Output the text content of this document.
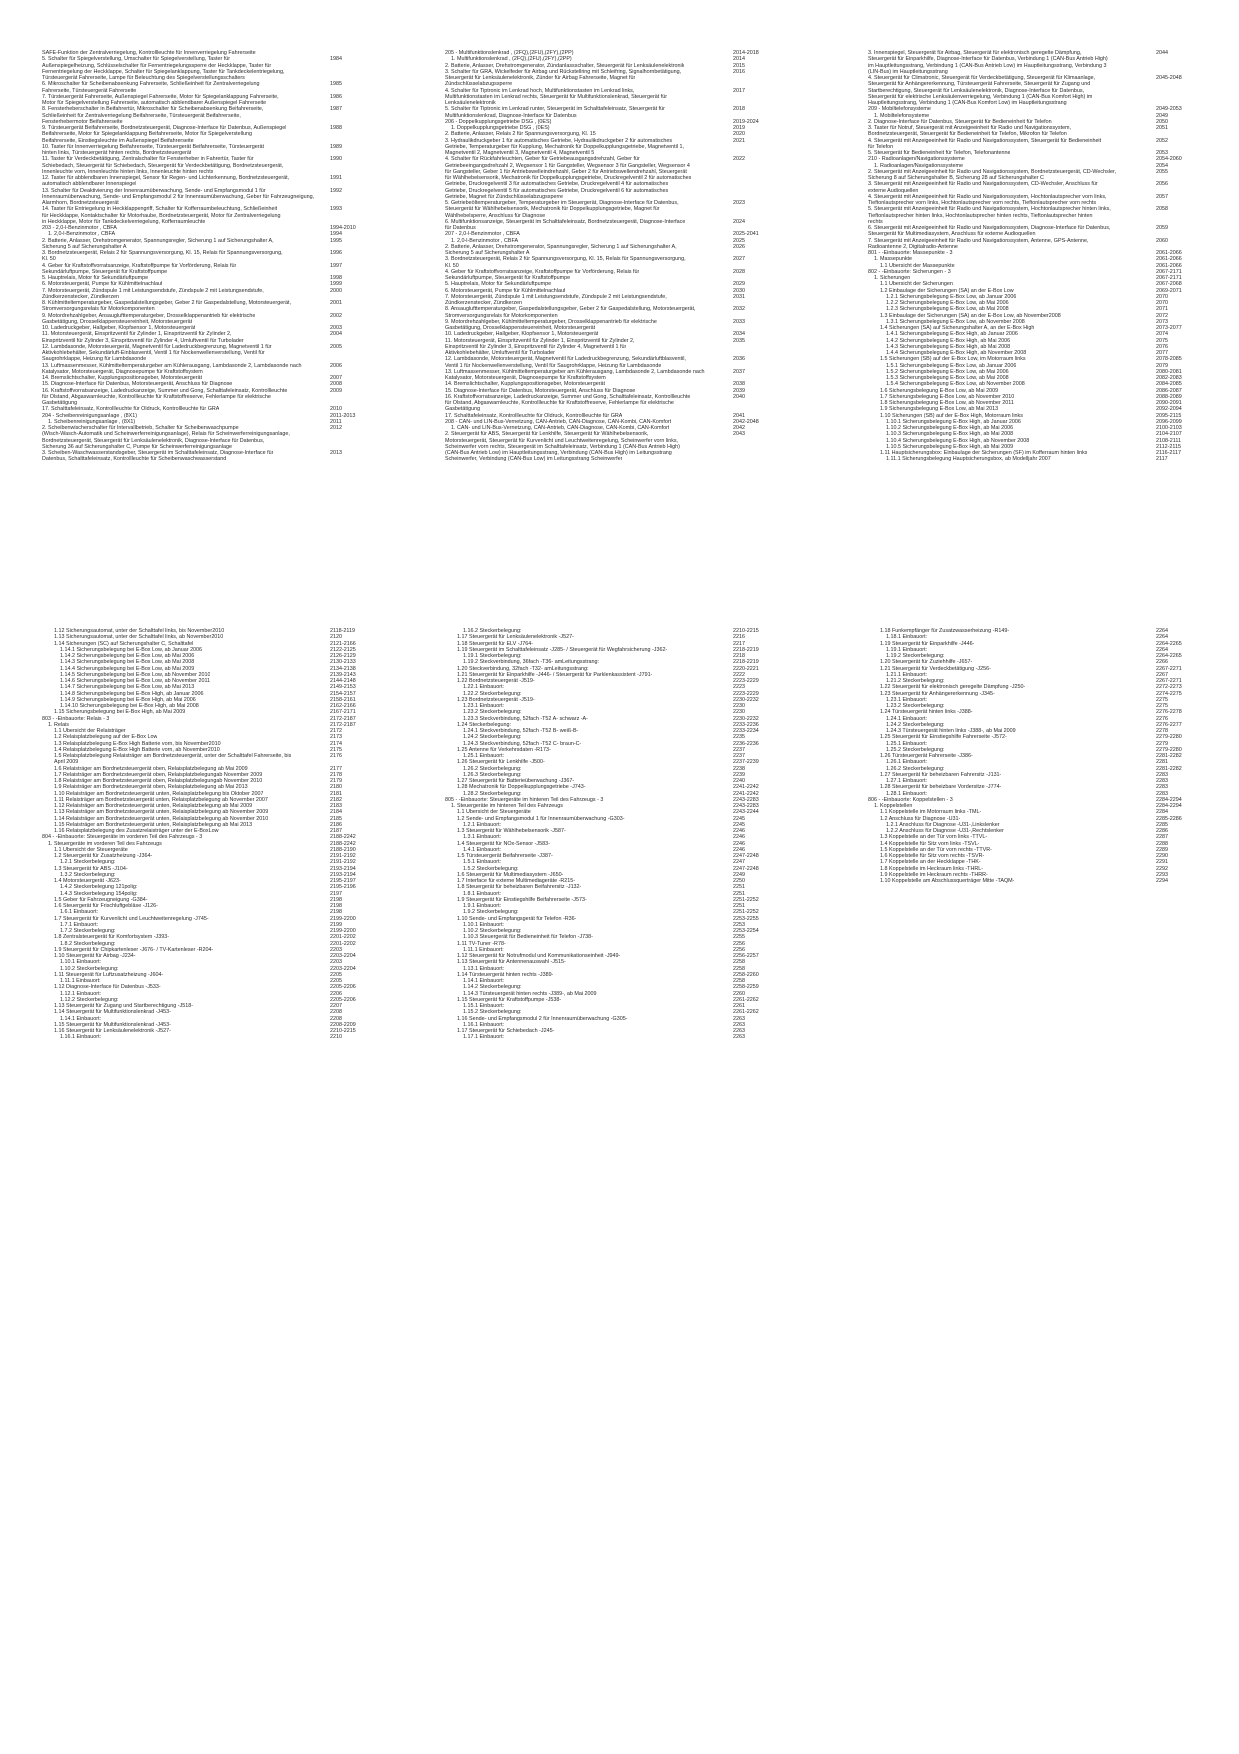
SAFE-Funktion der Zentralverriegelung, Kontrollleuchte für Innenverriegelung Fahrerseite
5. Schalter für Spiegelverstellung, Umschalter für Spiegelverstellung, Taster für	1984
Außenspiegelheizung, Schlüsselschalter für Fernentriegelungssperre der Heckklappe, Taster für
Fernentriegelung der Heckklappe, Schalter für Spiegelanklappung, Taster für Tankdeckelentriegelung,
Türsteuergerät Fahrerseite, Lampe für Beleuchtung des Spiegelverstellungsschalters
6. Mikroschalter für Scheibenabsenkung Fahrerseite, Schließeinheit für Zentralverriegelung	1985
Fahrerseite, Türsteuergerät Fahrerseite
7. Türsteuergerät Fahrerseite, Außenspiegel Fahrerseite, Motor für Spiegelanklappung Fahrerseite,	1986
Motor für Spiegelverstellung Fahrerseite, automatisch abblendbarer Außenspiegel Fahrerseite
8. Fensterheberschalter in Beifahrertür, Mikroschalter für Scheibenabsenkung Beifahrerseite,	1987
Schließeinheit für Zentralverriegelung Beifahrerseite, Türsteuergerät Beifahrerseite,
Fensterhebermotor Beifahrerseite
9. Türsteuergerät Beifahrerseite, Bordnetzsteuergerät, Diagnose-Interface für Datenbus, Außenspiegel	1988
Beifahrerseite, Motor für Spiegelanklappung Beifahrerseite, Motor für Spiegelverstellung
Beifahrerseite, Einstiegsleuchte im Außenspiegel Beifahrerseite
10. Taster für Innenverriegelung Beifahrerseite, Türsteuergerät Beifahrerseite, Türsteuergerät	1989
hinten links, Türsteuergerät hinten rechts, Bordnetzsteuergerät
11. Taster für Verdeckbetätigung, Zentralschalter für Fensterheber in Fahrertür, Taster für	1990
Schiebedach, Steuergerät für Schiebedach, Steuergerät für Verdeckbetätigung, Bordnetzsteuergerät,
Innenleuchte vorn, Innenleuchte hinten links, Innenleuchte hinten rechts
12. Taster für abblendbaren Innenspiegel, Sensor für Regen- und Lichterkennung, Bordnetzsteuergerät,	1991
automatisch abblendbarer Innenspiegel
13. Schalter für Deaktivierung der Innenraumüberwachung, Sende- und Empfangsmodul 1 für	1992
Innenraumüberwachung, Sende- und Empfangsmodul 2 für Innenraumüberwachung, Geber für Fahrzeugneigung,
Alarmhorn, Bordnetzsteuergerät
14. Taster für Entriegelung in Heckklappengriff, Schalter für Kofferraumbeleuchtung, Schließeinheit	1993
für Heckklappe, Kontaktschalter für Motorhaube, Bordnetzsteuergerät, Motor für Zentralverriegelung
in Heckklappe, Motor für Tankdeckelverriegelung, Kofferraumleuchte
203 - 2,0-l-Benzinmotor , CBFA	1994-2010
1. 2,0-l-Benzinmotor , CBFA	1994
2. Batterie, Anlasser, Drehstromgenerator, Spannungsregler, Sicherung 1 auf Sicherungshalter A,	1995
Sicherung 5 auf Sicherungshalter A
3. Bordnetzsteuergerät, Relais 2 für Spannungsversorgung, Kl. 15, Relais für Spannungsversorgung,	1996
Kl. 50
4. Geber für Kraftstoffvorratsanzeige, Kraftstoffpumpe für Vorförderung, Relais für	1997
Sekundärluftpumpe, Steuergerät für Kraftstoffpumpe
5. Hauptrelais, Motor für Sekundärluftpumpe	1998
6. Motorsteuergerät, Pumpe für Kühlmittelnachlauf	1999
7. Motorsteuergerät, Zündspule 1 mit Leistungsendstufe, Zündspule 2 mit Leistungsendstufe,	2000
Zündkerzenstecker, Zündkerzen
8. Kühlmitteltemperaturgeber, Gaspedalstellungsgeber, Geber 2 für Gaspedalstellung, Motorsteuergerät,	2001
Stromversorgungsrelais für Motorkomponenten
9. Motordrehzahlgeber, Ansauglufttemperaturgeber, Drosselklappenantrieb für elektrische	2002
Gasbetätigung, Drosselklappensteuereinheit, Motorsteuergerät
10. Ladedruckgeber, Hallgeber, Klopfsensor 1, Motorsteuergerät	2003
11. Motorsteuergerät, Einspritzventil für Zylinder 1, Einspritzventil für Zylinder 2,	2004
Einspritzventil für Zylinder 3, Einspritzventil für Zylinder 4, Umluftventil für Turbolader
12. Lambdasonde, Motorsteuergerät, Magnetventil für Ladedruckbegrenzung, Magnetventil 1 für	2005
Aktivkohlebehälter, Sekundärluft-Einblasventil, Ventil 1 für Nockenwellenverstellung, Ventil für
Saugrohrklappe, Heizung für Lambdasonde
13. Luftmassenmesser, Kühlmitteltemperaturgeber am Kühlerausgang, Lambdasonde 2, Lambdasonde nach	2006
Katalysator, Motorsteuergerät, Diagnosepumpe für Kraftstoffsystem
14. Bremslichtschalter, Kupplungspositionsgeber, Motorsteuergerät	2007
15. Diagnose-Interface für Datenbus, Motorsteuergerät, Anschluss für Diagnose	2008
16. Kraftstoffvorratsanzeige, Ladedruckanzeige, Summer und Gong, Schalttafeleinsatz, Kontrollleuchte	2009
für Ölstand, Abgaswarnleuchte, Kontrollleuchte für Kraftstoffreserve, Fehlerlampe für elektrische
Gasbetätigung
17. Schalttafeleinsatz, Kontrollleuchte für Öldruck, Kontrollleuchte für GRA	2010
204 - Scheibenreinigungsanlage , (8X1)	2011-2013
1. Scheibenreinigungsanlage , (8X1)	2011
2. Scheibenwischerschalter für Intervallbetrieb, Schalter für Scheibenwaschpumpe	2012
(Wisch-Wasch-Automatik und Scheinwerferreinigungsanlage), Relais für Scheinwerferreinigungsanlage,
Bordnetzsteuergerät, Steuergerät für Lenksäulenelektronik, Diagnose-Interface für Datenbus,
Sicherung 36 auf Sicherungshalter C, Pumpe für Scheinwerferreinigungsanlage
3. Scheiben-Waschwasserstandsgeber, Steuergerät im Schalttafeleinsatz, Diagnose-Interface für	2013
Datenbus, Schalttafeleinsatz, Kontrollleuchte für Scheibenwaschwasserstand
205 - Multifunktionslenkrad , (2FQ),(2FU),(2FY),(2PP)	2014-2018
1. Multifunktionslenkrad , (2FQ),(2FU),(2FY),(2PP)	2014
2. Batterie, Anlasser, Drehstromgenerator, Zündanlassschalter, Steuergerät für Lenksäulenelektronik	2015
3. Schalter für GRA, Wickelfeder für Airbag und Rückstellring mit Schleifring, Signalhornbetätigung,	2016
Steuergerät für Lenksäulenelektronik, Zünder für Airbag Fahrerseite, Magnet für
Zündschlüsselabzugssperre
4. Schalter für Tiptronic im Lenkrad hoch, Multifunktionstasten im Lenkrad links,	2017
Multifunktionstasten im Lenkrad rechts, Steuergerät für Multifunktionslenkrad, Steuergerät für
Lenksäulenelektronik
5. Schalter für Tiptronic im Lenkrad runter, Steuergerät im Schalttafeleinsatz, Steuergerät für	2018
Multifunktionslenkrad, Diagnose-Interface für Datenbus
206 - Doppelkupplungsgetriebe DSG , (0ES)	2019-2024
1. Doppelkupplungsgetriebe DSG , (0ES)	2019
2. Batterie, Anlasser, Relais 2 für Spannungsversorgung, Kl. 15	2020
3. Hydraulikdruckgeber 1 für automatisches Getriebe, Hydraulikdruckgeber 2 für automatisches	2021
Getriebe, Temperaturgeber für Kupplung, Mechatronik für Doppelkupplungsgetriebe, Magnetventil 1,
Magnetventil 2, Magnetventil 3, Magnetventil 4, Magnetventil 5
4. Schalter für Rückfahrleuchten, Geber für Getriebeausgangsdrehzahl, Geber für	2022
Getriebeeingangsdrehzahl 2, Wegsensor 1 für Gangsteller, Wegsensor 3 für Gangsteller, Wegsensor 4
für Gangsteller, Geber 1 für Antriebswelleindrehzahl, Geber 2 für Antriebswellendrehzahl, Steuergerät
für Wählhebelsensorik, Mechatronik für Doppelkupplungsgetriebe, Druckregelventil 2 für automatisches
Getriebe, Druckregelventil 3 für automatisches Getriebe, Druckregelventil 4 für automatisches
Getriebe, Druckregelventil 5 für automatisches Getriebe, Druckregelventil 6 für automatisches
Getriebe, Magnet für Zündschlüsselabzugssperre
5. Getriebeöltemperaturgeber, Temperaturgeber im Steuergerät, Diagnose-Interface für Datenbus,	2023
Steuergerät für Wählhebelsensorik, Mechatronik für Doppelkupplungsgetriebe, Magnet für
Wählhebelsperre, Anschluss für Diagnose
6. Multifunktionsanzeige, Steuergerät im Schalttafeleinsatz, Bordnetzsteuergerät, Diagnose-Interface	2024
für Datenbus
207 - 2,0-l-Benzinmotor , CBFA	2025-2041
1. 2,0-l-Benzinmotor , CBFA	2025
2. Batterie, Anlasser, Drehstromgenerator, Spannungsregler, Sicherung 1 auf Sicherungshalter A,	2026
Sicherung 5 auf Sicherungshalter A
3. Bordnetzsteuergerät, Relais 2 für Spannungsversorgung, Kl. 15, Relais für Spannungsversorgung,	2027
Kl. 50
4. Geber für Kraftstoffvorratsanzeige, Kraftstoffpumpe für Vorförderung, Relais für	2028
Sekundärluftpumpe, Steuergerät für Kraftstoffpumpe
5. Hauptrelais, Motor für Sekundärluftpumpe	2029
6. Motorsteuergerät, Pumpe für Kühlmittelnachlauf	2030
7. Motorsteuergerät, Zündspule 1 mit Leistungsendstufe, Zündspule 2 mit Leistungsendstufe,	2031
Zündkerzenstecker, Zündkerzen
8. Ansauglufttemperaturgeber, Gaspedalstellungsgeber, Geber 2 für Gaspedalstellung, Motorsteuergerät,	2032
Stromversorgungsrelais für Motorkomponenten
9. Motordrehzahlgeber, Kühlmitteltemperaturgeber, Drosselklappenantrieb für elektrische	2033
Gasbetätigung, Drosselklappensteuereinheit, Motorsteuergerät
10. Ladedruckgeber, Hallgeber, Klopfsensor 1, Motorsteuergerät	2034
11. Motorsteuergerät, Einspritzventil für Zylinder 1, Einspritzventil für Zylinder 2,	2035
Einspritzventil für Zylinder 3, Einspritzventil für Zylinder 4, Magnetventil 1 für
Aktivkohlebehälter, Umluftventil für Turbolader
12. Lambdasonde, Motorsteuergerät, Magnetventil für Ladedruckbegrenzung, Sekundärluftblasventil,	2036
Ventil 1 für Nockenwellenverstellung, Ventil für Saugrohrklappe, Heizung für Lambdasonde
13. Luftmassenmesser, Kühlmitteltemperaturgeber am Kühlerausgang, Lambdasonde 2, Lambdasonde nach	2037
Katalysator, Motorsteuergerät, Diagnosepumpe für Kraftstoffsystem
14. Bremslichtschalter, Kupplungspositionsgeber, Motorsteuergerät	2038
15. Diagnose-Interface für Datenbus, Motorsteuergerät, Anschluss für Diagnose	2039
16. Kraftstoffvorratsanzeige, Ladedruckanzeige, Summer und Gong, Schalttafeleinsatz, Kontrollleuchte	2040
für Ölstand, Abgaswarnleuchte, Kontrollleuchte für Kraftstoffreserve, Fehlerlampe für elektrische
Gasbetätigung
17. Schalttafeleinsatz, Kontrollleuchte für Öldruck, Kontrollleuchte für GRA	2041
208 - CAN- und LIN-Bus-Vernetzung, CAN-Antrieb, CAN-Diagnose, CAN-Kombi, CAN-Komfort	2042-2048
1. CAN- und LIN-Bus-Vernetzung, CAN-Antrieb, CAN-Diagnose, CAN-Kombi, CAN-Komfort	2042
2. Steuergerät für ABS, Steuergerät für Lenkhilfe, Steuergerät für Wählhebelsensorik,	2043
Motorsteuergerät, Steuergerät für Kurvenlicht und Leuchtweitenregelung, Scheinwerfer vorn links,
Scheinwerfer vorn rechts, Steuergerät im Schalttafeleinsatz, Verbindung 1 (CAN-Bus Antrieb High)
(CAN-Bus Antrieb Low) im Hauptleitungsstrang, Verbindung (CAN-Bus High) im Leitungsstrang
Scheinwerfer, Verbindung (CAN-Bus Low) im Leitungsstrang Scheinwerfer
3. Innenspiegel, Steuergerät für Airbag, Steuergerät für elektronisch geregelte Dämpfung,	2044
Steuergerät für Einparkhilfe, Diagnose-Interface für Datenbus, Verbindung 1 (CAN-Bus Antrieb High)
im Hauptleitungsstrang, Verbindung 1 (CAN-Bus Antrieb Low) im Hauptleitungsstrang, Verbindung 3
(LIN-Bus) im Hauptleitungsstrang
4. Steuergerät für Climatronic, Steuergerät für Verdeckbetätigung, Steuergerät für Klimaanlage,	2045-2048
Steuergerät für Anhängererkennung, Türsteuergerät Fahrerseite, Steuergerät für Zugang und
Startberechtigung, Steuergerät für Lenksäulenelektronik, Diagnose-Interface für Datenbus,
Steuergerät für elektrische Lenksäulenverriegelung, Verbindung 1 (CAN-Bus Komfort High) im
Hauptleitungsstrang, Verbindung 1 (CAN-Bus Komfort Low) im Hauptleitungsstrang
209 - Mobiltelefonsysteme	2049-2053
1. Mobiltelefonsysteme	2049
2. Diagnose-Interface für Datenbus, Steuergerät für Bedieneinheit für Telefon	2050
3. Taster für Notruf, Steuergerät mit Anzeigeeinheit für Radio und Navigationssystem,	2051
Bordnetzsteuergerät, Steuergerät für Bedieneinheit für Telefon, Mikrofon für Telefon
4. Steuergerät mit Anzeigeeinheit für Radio und Navigationssystem, Steuergerät für Bedieneinheit	2052
für Telefon
5. Steuergerät für Bedieneinheit für Telefon, Telefonantenne	2053
210 - Radioanlagen/Navigationssysteme	2054-2060
1. Radioanlagen/Navigationssysteme	2054
2. Steuergerät mit Anzeigeeinheit für Radio und Navigationssystem, Bordnetzsteuergerät, CD-Wechsler,	2055
Sicherung 8 auf Sicherungshalter B, Sicherung 28 auf Sicherungshalter C
3. Steuergerät mit Anzeigeeinheit für Radio und Navigationssystem, CD-Wechsler, Anschluss für	2056
externe Audioquellen
4. Steuergerät mit Anzeigeeinheit für Radio und Navigationssystem, Hochtonlautsprecher vorn links,	2057
Tieftonlautsprecher vorn links, Hochtonlautsprecher vorn rechts, Tieftonlautsprecher vorn rechts
5. Steuergerät mit Anzeigeeinheit für Radio und Navigationssystem, Hochtonlautsprecher hinten links,	2058
Tieftonlautsprecher hinten links, Hochtonlautsprecher hinten rechts, Tieftonlautsprecher hinten
rechts
6. Steuergerät mit Anzeigeeinheit für Radio und Navigationssystem, Diagnose-Interface für Datenbus,	2059
Steuergerät für Multimediasystem, Anschluss für externe Audioquellen
7. Steuergerät mit Anzeigeeinheit für Radio und Navigationssystem, Antenne, GPS-Antenne,	2060
Radioantenne 2, Digitalradio-Antenne
801 - -Einbauorte: Massepunkte - 3	2061-2066
1. Massepunkte	2061-2066
1.1 Übersicht der Massepunkte	2061-2066
802 - -Einbauorte: Sicherungen - 3	2067-2171
1. Sicherungen	2067-2171
1.1 Übersicht der Sicherungen	2067-2068
1.2 Einbaulage der Sicherungen (SA) an der E-Box Low	2069-2071
1.2.1 Sicherungsbelegung E-Box Low, ab Januar 2006	2070
1.2.2 Sicherungsbelegung E-Box Low, ab Mai 2006	2070
1.2.3 Sicherungsbelegung E-Box Low, ab Mai 2008	2071
1.3 Einbaulage der Sicherungen (SA) an der E-Box Low, ab November2008	2072
1.3.1 Sicherungsbelegung E-Box Low, ab November 2008	2073
1.4 Sicherungen (SA) auf Sicherungshalter A, an der E-Box High	2073-2077
1.4.1 Sicherungsbelegung E-Box High, ab Januar 2006	2074
1.4.2 Sicherungsbelegung E-Box High, ab Mai 2006	2075
1.4.3 Sicherungsbelegung E-Box High, ab Mai 2008	2076
1.4.4 Sicherungsbelegung E-Box High, ab November 2008	2077
1.5 Sicherungen (SB) auf der E-Box Low, im Motorraum links	2078-2085
1.5.1 Sicherungsbelegung E-Box Low, ab Januar 2006	2079
1.5.2 Sicherungsbelegung E-Box Low, ab Mai 2006	2080-2081
1.5.3 Sicherungsbelegung E-Box Low, ab Mai 2008	2082-2083
1.5.4 Sicherungsbelegung E-Box Low, ab November 2008	2084-2085
1.6 Sicherungsbelegung E-Box Low, ab Mai 2009	2086-2087
1.7 Sicherungsbelegung E-Box Low, ab November 2010	2088-2089
1.8 Sicherungsbelegung E-Box Low, ab November 2011	2090-2091
1.9 Sicherungsbelegung E-Box Low, ab Mai 2013	2092-2094
1.10 Sicherungen (SB) auf der E-Box High, Motorraum links	2095-2115
1.10.1 Sicherungsbelegung E-Box High, ab Januar 2006	2096-2099
1.10.2 Sicherungsbelegung E-Box High, ab Mai 2006	2100-2103
1.10.3 Sicherungsbelegung E-Box High, ab Mai 2008	2104-2107
1.10.4 Sicherungsbelegung E-Box High, ab November 2008	2108-2111
1.10.5 Sicherungsbelegung E-Box High, ab Mai 2009	2112-2115
1.11 Hauptsicherungsbox: Einbaulage der Sicherungen (SF) im Kofferraum hinten links	2116-2117
1.11.1 Sicherungsbelegung Hauptsicherungsbox, ab Modelljahr 2007	2117
1.12 Sicherungsautomat, unter der Schalttafel links, bis November2010	2118-2119
1.13 Sicherungsautomat, unter der Schalttafel links, ab November2010	2120
1.14 Sicherungen (SC) auf Sicherungshalter C, Schalttafel	2121-2166
1.14.1 Sicherungsbelegung bei E-Box Low, ab Januar 2006	2122-2125
1.14.2 Sicherungsbelegung bei E-Box Low, ab Mai 2006	2126-2129
1.14.3 Sicherungsbelegung bei E-Box Low, ab Mai 2008	2130-2133
1.14.4 Sicherungsbelegung bei E-Box Low, ab Mai 2009	2134-2138
1.14.5 Sicherungsbelegung bei E-Box Low, ab November 2010	2139-2143
1.14.6 Sicherungsbelegung bei E-Box Low, ab November 2011	2144-2148
1.14.7 Sicherungsbelegung bei E-Box Low, ab Mai 2013	2149-2153
1.14.8 Sicherungsbelegung bei E-Box High, ab Januar 2006	2154-2157
1.14.9 Sicherungsbelegung bei E-Box High, ab Mai 2006	2158-2161
1.14.10 Sicherungsbelegung bei E-Box High, ab Mai 2008	2162-2166
1.15 Sicherungsbelegung bei E-Box High, ab Mai 2009	2167-2171
803 - -Einbauorte: Relais - 3	2172-2187
1. Relais	2172-2187
1.1 Übersicht der Relaisträger	2172
1.2 Relaisplatzbelegung auf der E-Box Low	2173
1.3 Relaisplatzbelegung E-Box High Batterie vorn, bis November2010	2174
1.4 Relaisplatzbelegung E-Box High Batterie vorn, ab November2010	2175
1.5 Relaisplatzbelegung Relaisträger am Bordnetzsteuergerät, unter der Schalttafel Fahrerseite, bis	2176
April 2009
1.6 Relaisträger am Bordnetzsteuergerät oben, Relaisplatzbelegung ab Mai 2009	2177
1.7 Relaisträger am Bordnetzsteuergerät oben, Relaisplatzbelegungab November 2009	2178
1.8 Relaisträger am Bordnetzsteuergerät oben, Relaisplatzbelegungab November 2010	2179
1.9 Relaisträger am Bordnetzsteuergerät oben, Relaisplatzbelegung ab Mai 2013	2180
1.10 Relaisträger am Bordnetzsteuergerät unten, Relaisplatzbelegung bis Oktober 2007	2181
1.11 Relaisträger am Bordnetzsteuergerät unten, Relaisplatzbelegung ab November 2007	2182
1.12 Relaisträger am Bordnetzsteuergerät unten, Relaisplatzbelegung ab Mai 2009	2183
1.13 Relaisträger am Bordnetzsteuergerät unten, Relaisplatzbelegung ab November 2009	2184
1.14 Relaisträger am Bordnetzsteuergerät unten, Relaisplatzbelegung ab November 2010	2185
1.15 Relaisträger am Bordnetzsteuergerät unten, Relaisplatzbelegung ab Mai 2013	2186
1.16 Relaisplatzbelegung des Zusatzrelaisträger unter der E-BoxLow	2187
804 - -Einbauorte: Steuergeräte im vorderen Teil des Fahrzeugs - 3	2188-2242
1. Steuergeräte im vorderen Teil des Fahrzeugs	2188-2242
1.1 Übersicht der Steuergeräte	2188-2190
1.2 Steuergerät für Zusatzheizung -J364-	2191-2192
1.2.1 Steckerbelegung:	2191-2192
1.3 Steuergerät für ABS -J104-	2193-2194
1.3.2 Steckerbelegung:	2193-2194
1.4 Motorsteuergerät -J623-	2195-2197
1.4.2 Steckerbelegung 121polig:	2195-2196
1.4.3 Steckerbelegung 154polig:	2197
1.5 Geber für Fahrzeugneigung -G384-	2198
1.6 Steuergerät für Frischluftgebläse -J126-	2198
1.6.1 Einbauort:	2198
1.7 Steuergerät für Kurvenlicht und Leuchtweitenregelung -J745-	2199-2200
1.7.1 Einbauort:	2199
1.7.2 Steckerbelegung:	2199-2200
1.8 Zentralsteuergerät für Komfortsystem -J393-	2201-2202
1.8.2 Steckerbelegung:	2201-2202
1.9 Steuergerät für Chipkartenleser -J676- / TV-Kartenleser -R204-	2203
1.10 Steuergerät für Airbag -J234-	2203-2204
1.10.1 Einbauort:	2203
1.10.2 Steckerbelegung:	2203-2204
1.11 Steuergerät für Luftzusatzheizung -J604-	2205
1.11.1 Einbauort:	2205
1.12 Diagnose-Interface für Datenbus -J533-	2205-2206
1.12.1 Einbauort:	2206
1.12.2 Steckerbelegung:	2205-2206
1.13 Steuergerät für Zugang und Startberechtigung -J518-	2207
1.14 Steuergerät für Multifunktionslenkrad -J453-	2208
1.14.1 Einbauort:	2208
1.15 Steuergerät für Multifunktionslenkrad -J453-	2208-2209
1.16 Steuergerät für Lenksäulenelektronik -J527-	2210-2215
1.16.1 Einbauort:	2210
1.16.2 Steckerbelegung:	2210-2215
1.17 Steuergerät für Lenksäulenelektronik -J527-	2216
1.18 Steuergerät für ELV -J764-	2217
1.19 Steuergerät im Schalttafeleinsatz -J285- / Steuergerät für Wegfahrsicherung -J362-	2218-2219
1.19.1 Steckerbelegung:	2218
1.19.2 Steckverbindung, 36fach -T36- amLeitungsstrang:	2218-2219
1.20 Steckverbindung, 32fach -T32- amLeitungsstrang:	2220-2221
1.21 Steuergerät für Einparkhilfe -J446- / Steuergerät für Parklenkassistent -J791-	2222
1.22 Bordnetzsteuergerät -J519-	2223-2229
1.22.1 Einbauort:	2223
1.22.2 Steckerbelegung:	2223-2229
1.23 Bordnetzsteuergerät -J519-	2230-2232
1.23.1 Einbauort:	2230
1.23.2 Steckerbelegung:	2230
1.23.3 Steckverbindung, 52fach -T52 A- schwarz -A-	2230-2232
1.24 Steckerbelegung:	2233-2236
1.24.1 Steckverbindung, 52fach -T52 B- weiß-B-	2233-2234
1.24.2 Steckerbelegung:	2235
1.24.3 Steckverbindung, 52fach -T52 C- braun-C-	2236-2236
1.25 Antenne für Verkehrsdaten -R173-	2237
1.25.1 Einbauort:	2237
1.26 Steuergerät für Lenkhilfe -J500-	2237-2239
1.26.2 Steckerbelegung:	2238
1.26.3 Steckerbelegung:	2239
1.27 Steuergerät für Batterieüberwachung -J367-	2240
1.28 Mechatronik für Doppelkupplungsgetriebe -J743-	2241-2242
1.28.2 Steckerbelegung:	2241-2242
805 - -Einbauorte: Steuergeräte im hinteren Teil des Fahrzeugs - 3	2243-2283
1. Steuergeräte im hinteren Teil des Fahrzeugs	2243-2283
1.1 Übersicht der Steuergeräte	2243-2244
1.2 Sende- und Empfangsmodul 1 für Innenraumüberwachung -G303-	2245
1.2.1 Einbauort:	2245
1.3 Steuergerät für Wählhebelsensorik -J587-	2246
1.3.1 Einbauort:	2246
1.4 Steuergerät für NOx-Sensor -J583-	2246
1.4.1 Einbauort:	2246
1.5 Türsteuergerät Beifahrerseite -J387-	2247-2248
1.5.1 Einbauort:	2247
1.5.2 Steckerbelegung:	2247-2248
1.6 Steuergerät für Multimediasystem -J650-	2249
1.7 Interface für externe Multimediageräte -R215-	2250
1.8 Steuergerät für beheizbaren Beifahrersitz -J132-	2251
1.8.1 Einbauort:	2251
1.9 Steuergerät für Einstiegshilfe Beifahrerseite -J573-	2251-2252
1.9.1 Einbauort:	2251
1.9.2 Steckerbelegung:	2251-2252
1.10 Sende- und Empfangsgerät für Telefon -R36-	2253-2255
1.10.1 Einbauort:	2253
1.10.2 Steckerbelegung:	2253-2254
1.10.3 Steuergerät für Bedieneinheit für Telefon -J738-	2255
1.11 TV-Tuner -R78-	2256
1.11.1 Einbauort:	2256
1.12 Steuergerät für Notrufmodul und Kommunikationseinheit -J949-	2256-2257
1.13 Steuergerät für Antennenauswahl -J515-	2258
1.13.1 Einbauort:	2258
1.14 Türsteuergerät hinten rechts -J389-	2258-2260
1.14.1 Einbauort:	2258
1.14.2 Steckerbelegung:	2258-2259
1.14.3 Türsteuergerät hinten rechts -J389-, ab Mai 2009	2260
1.15 Steuergerät für Kraftstoffpumpe -J538-	2261-2262
1.15.1 Einbauort:	2261
1.15.2 Steckerbelegung:	2261-2262
1.16 Sende- und Empfangsmodul 2 für Innenraumüberwachung -G305-	2263
1.16.1 Einbauort:	2263
1.17 Steuergerät für Schiebedach -J245-	2263
1.17.1 Einbauort:	2263
1.18 Funkempfänger für Zusatzwasserheizung -R149-	2264
1.18.1 Einbauort:	2264
1.19 Steuergerät für Einparkhilfe -J446-	2264-2265
1.19.1 Einbauort:	2264
1.19.2 Steckerbelegung:	2264-2265
1.20 Steuergerät für Zuziehhilfe -J657-	2266
1.21 Steuergerät für Verdeckbetätigung -J256-	2267-2271
1.21.1 Einbauort:	2267
1.21.2 Steckerbelegung:	2267-2271
1.22 Steuergerät für elektronisch geregelte Dämpfung -J250-	2272-2273
1.23 Steuergerät für Anhängererkennung -J345-	2274-2275
1.23.1 Einbauort:	2275
1.23.2 Steckerbelegung:	2275
1.24 Türsteuergerät hinten links -J388-	2276-2278
1.24.1 Einbauort:	2276
1.24.2 Steckerbelegung:	2276-2277
1.24.3 Türsteuergerät hinten links -J388-, ab Mai 2009	2278
1.25 Steuergerät für Einstiegshilfe Fahrerseite -J572-	2279-2280
1.25.1 Einbauort:	2279
1.25.2 Steckerbelegung:	2279-2280
1.26 Türsteuergerät Fahrerseite -J386-	2281-2282
1.26.1 Einbauort:	2281
1.26.2 Steckerbelegung:	2281-2282
1.27 Steuergerät für beheizbaren Fahrersitz -J131-	2283
1.27.1 Einbauort:	2283
1.28 Steuergerät für beheizbare Vordersitze -J774-	2283
1.28.1 Einbauort:	2283
806 - -Einbauorte: Koppelstellen - 3	2284-2294
1. Koppelstellen	2284-2294
1.1 Koppelstelle im Motorraum links -TML-	2284
1.2 Anschluss für Diagnose -U31-	2285-2286
1.2.1 Anschluss für Diagnose -U31-,Linkslenker	2285
1.2.2 Anschluss für Diagnose -U31-,Rechtslenker	2286
1.3 Koppelstelle an der Tür vorn links -TTVL-	2287
1.4 Koppelstelle für Sitz vorn links -TSVL-	2288
1.5 Koppelstelle an der Tür vorn rechts -TTVR-	2289
1.6 Koppelstelle für Sitz vorn rechts -TSVR-	2290
1.7 Koppelstelle an der Heckklappe -THK-	2291
1.8 Koppelstelle im Heckraum links -THRL-	2292
1.9 Koppelstelle im Heckraum rechts -THRR-	2293
1.10 Koppelstelle am Abschlussquerträger Mitte -TAQM-	2294
